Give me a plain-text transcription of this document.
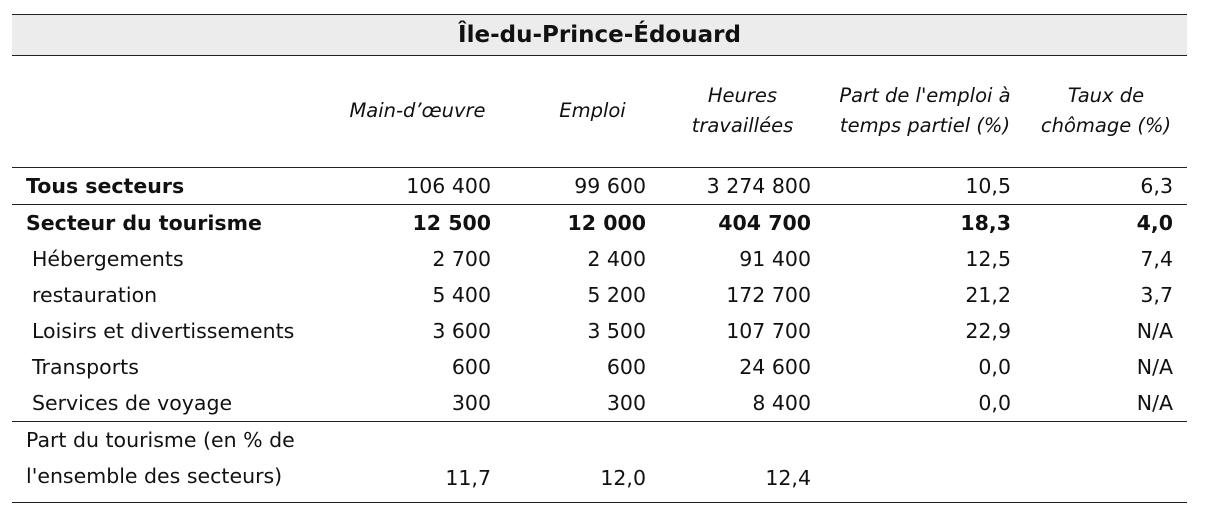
Île-du-Prince-Édouard
	Main-d’œuvre	Emploi	Heures travaillées	Part de l'emploi à temps partiel (%)	Taux de chômage (%)
Tous secteurs	106 400	99 600	3 274 800	10,5	6,3
Secteur du tourisme	12 500	12 000	404 700	18,3	4,0
Hébergements	2 700	2 400	91 400	12,5	7,4
restauration	5 400	5 200	172 700	21,2	3,7
Loisirs et divertissements	3 600	3 500	107 700	22,9	N/A
Transports	600	600	24 600	0,0	N/A
Services de voyage	300	300	8 400	0,0	N/A
Part du tourisme (en % de l'ensemble des secteurs)	11,7	12,0	12,4		
